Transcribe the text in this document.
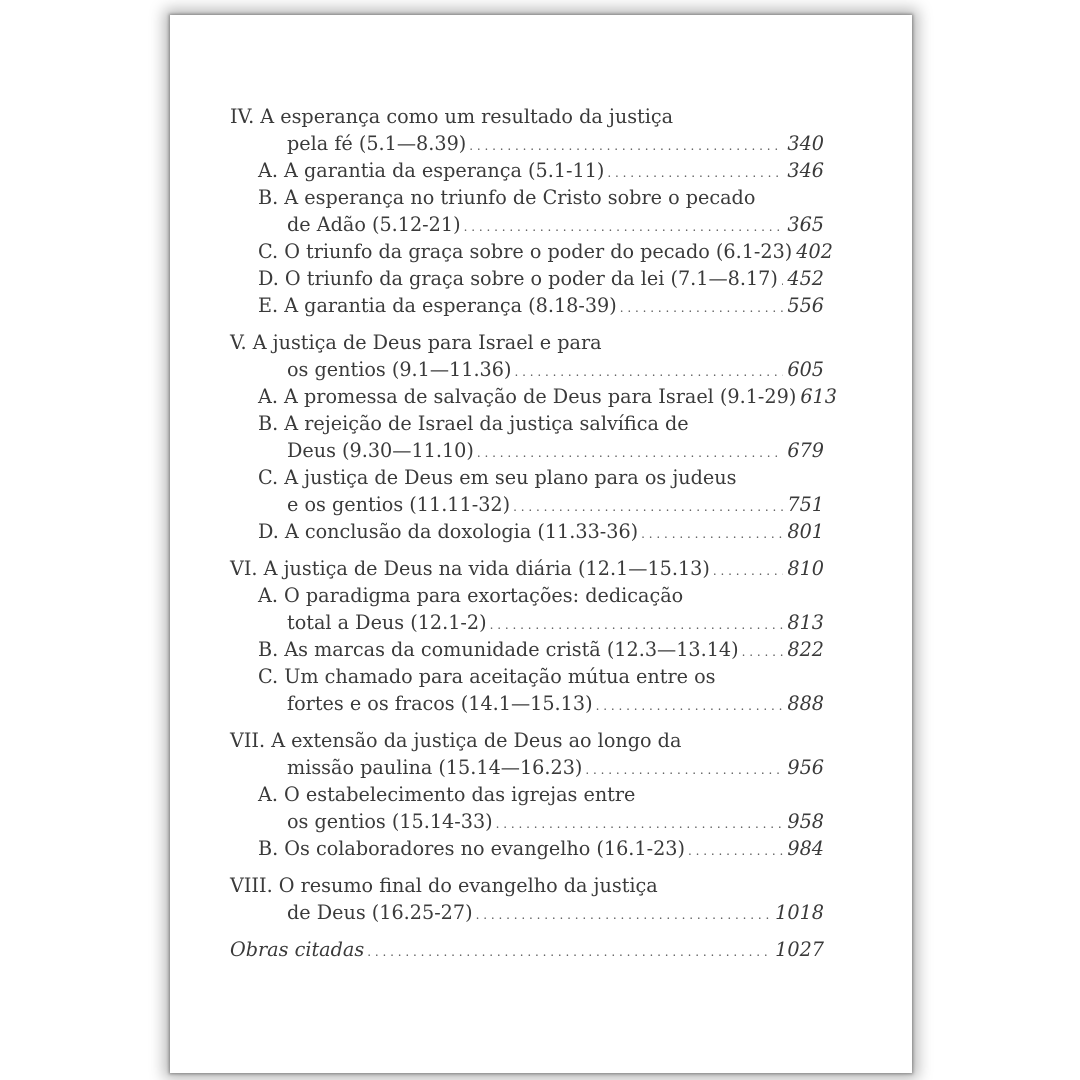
IV. A esperança como um resultado da justiça
pela fé (5.1—8.39) . . .	340
A. A garantia da esperança (5.1-11) . . .	346
B. A esperança no triunfo de Cristo sobre o pecado
de Adão (5.12-21) . . .	365
C. O triunfo da graça sobre o poder do pecado (6.1-23) 402
D. O triunfo da graça sobre o poder da lei (7.1—8.17) . . . 452
E. A garantia da esperança (8.18-39) . . .	556
V. A justiça de Deus para Israel e para
os gentios (9.1—11.36) . . .	605
A. A promessa de salvação de Deus para Israel (9.1-29) 613
B. A rejeição de Israel da justiça salvífica de
Deus (9.30—11.10) . . .	679
C. A justiça de Deus em seu plano para os judeus
e os gentios (11.11-32) . . .	751
D. A conclusão da doxologia (11.33-36) . . .	801
VI. A justiça de Deus na vida diária (12.1—15.13) . . .	810
A. O paradigma para exortações: dedicação
total a Deus (12.1-2) . . .	813
B. As marcas da comunidade cristã (12.3—13.14) . . .	822
C. Um chamado para aceitação mútua entre os
fortes e os fracos (14.1—15.13) . . .	888
VII. A extensão da justiça de Deus ao longo da
missão paulina (15.14—16.23) . . .	956
A. O estabelecimento das igrejas entre
os gentios (15.14-33) . . .	958
B. Os colaboradores no evangelho (16.1-23) . . .	984
VIII. O resumo final do evangelho da justiça
de Deus (16.25-27) . . .	1018
Obras citadas . . .	1027
